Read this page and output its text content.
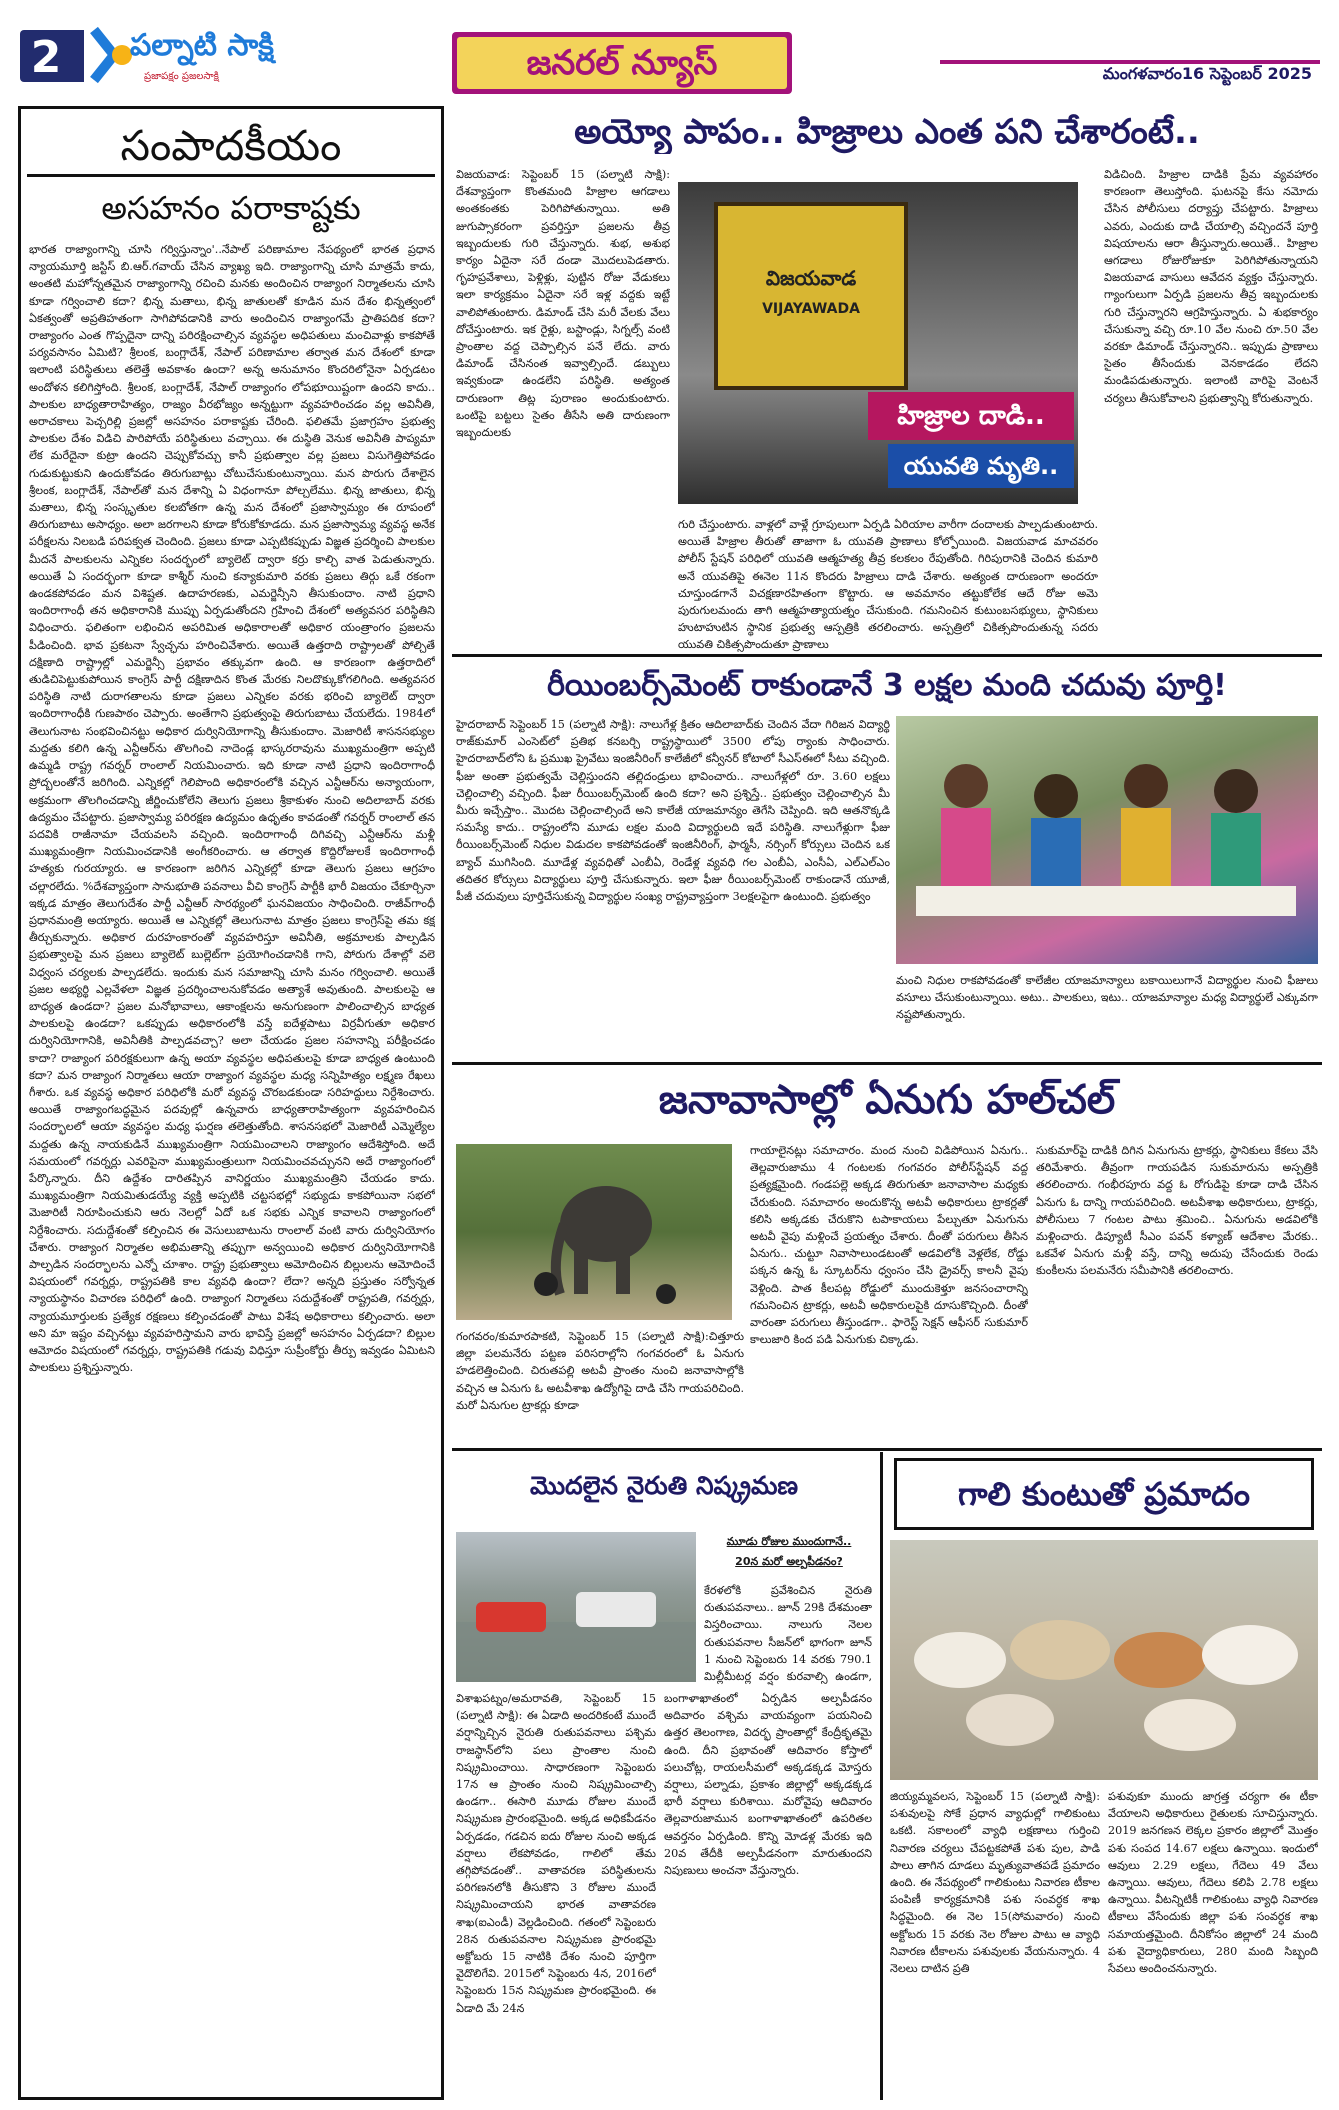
2	పల్నాటి సాక్షి
ప్రజాపక్షం ప్రజలసాక్షి	జనరల్ న్యూస్	మంగళవారం16 సెప్టెంబర్ 2025
సంపాదకీయం
అసహనం పరాకాష్టకు

భారత రాజ్యాంగాన్ని చూసి గర్విస్తున్నాం'..నేపాల్ పరిణామాల నేపథ్యంలో భారత ప్రధాన న్యాయమూర్తి జస్టిస్ బి.ఆర్.గవాయ్ చేసిన వ్యాఖ్య ఇది. రాజ్యాంగాన్ని చూసి మాత్రమే కాదు, అంతటి మహోన్నతమైన రాజ్యాంగాన్ని రచించి మనకు అందించిన రాజ్యాంగ నిర్మాతలను చూసి కూడా గర్వించాలి కదా? భిన్న మతాలు, భిన్న జాతులతో కూడిన మన దేశం భిన్నత్వంలో ఏకత్వంతో అప్రతిహతంగా సాగిపోవడానికి వారు అందించిన రాజ్యాంగమే ప్రాతిపదిక కదా? రాజ్యాంగం ఎంత గొప్పదైనా దాన్ని పరిరక్షించాల్సిన వ్యవస్థల అధిపతులు మంచివాళ్లు కాకపోతే పర్యవసానం ఏమిటి? శ్రీలంక, బంగ్లాదేశ్, నేపాల్ పరిణామాల తర్వాత మన దేశంలో కూడా ఇలాంటి పరిస్థితులు తలెత్తే అవకాశం ఉందా? అన్న అనుమానం కొందరిలోనైనా ఏర్పడటం అందోళన కలిగిస్తోంది. శ్రీలంక, బంగ్లాదేశ్, నేపాల్ రాజ్యాంగం లోపభూయిష్టంగా ఉందని కాదు.. పాలకుల బాధ్యతారాహిత్యం, రాజ్యం వీరభోజ్యం అన్నట్టుగా వ్యవహరించడం వల్ల అవినీతి, అరాచకాలు పెచ్చరిల్లి ప్రజల్లో అసహనం పరాకాష్టకు చేరింది. ఫలితమే ప్రజాగ్రహం ప్రభుత్వ పాలకుల దేశం విడిచి పారిపోయే పరిస్థితులు వచ్చాయి. ఈ దుస్థితి వెనుక అవినీతి పాప్యమా లేక మరేదైనా కుట్రా ఉందని చెప్పుకోవచ్చు కానీ ప్రభుత్వాల వల్ల ప్రజలు విసుగెత్తిపోవడం గుడుకుట్టుకుని ఉందుకోవడం తిరుగుబాట్లు చోటుచేసుకుంటున్నాయి. మన పొరుగు దేశాలైన శ్రీలంక, బంగ్లాదేశ్, నేపాల్‌తో మన దేశాన్ని ఏ విధంగానూ పోల్చలేము. భిన్న జాతులు, భిన్న మతాలు, భిన్న సంస్కృతుల కలబోతగా ఉన్న మన దేశంలో ప్రజాస్వామ్యం ఈ రూపంలో తిరుగుబాటు అసాధ్యం. అలా జరగాలని కూడా కోరుకోకూడదు. మన ప్రజాస్వామ్య వ్యవస్థ అనేక పరీక్షలను నిలబడి పరిపక్వత చెందింది. ప్రజలు కూడా ఎప్పటికప్పుడు విజ్ఞత ప్రదర్శించి పాలకుల మీదనే పాలకులను ఎన్నికల సందర్భంలో బ్యాలెట్ ద్వారా కర్రు కాల్చి వాత పెడుతున్నారు. అయితే ఏ సందర్భంగా కూడా కాశ్మీర్ నుంచి కన్యాకుమారి వరకు ప్రజలు తిర్గు ఒకే రకంగా ఉండకపోవడం మన విశిష్టత. ఉదాహరణకు, ఎమర్జెన్సీని తీసుకుందాం. నాటి ప్రధాని ఇందిరాగాంధీ తన అధికారానికి ముప్పు ఏర్పడుతోందని గ్రహించి దేశంలో అత్యవసర పరిస్థితిని విధించారు. ఫలితంగా లభించిన అపరిమిత అధికారాలతో అధికార యంత్రాంగం ప్రజలను పీడించింది. భావ ప్రకటనా స్వేచ్ఛను హరించివేశారు. అయితే ఉత్తరాది రాష్ట్రాలతో పోల్చితే దక్షిణాది రాష్ట్రాల్లో ఎమర్జెన్సీ ప్రభావం తక్కువగా ఉంది. ఆ కారణంగా ఉత్తరాదిలో తుడిచిపెట్టుకుపోయిన కాంగ్రెస్ పార్టీ దక్షిణాదిన కొంత మేరకు నిలదొక్కుకోగలిగింది. అత్యవసర పరిస్థితి నాటి దురాగతాలను కూడా ప్రజలు ఎన్నికల వరకు భరించి బ్యాలెట్ ద్వారా ఇందిరాగాంధీకి గుణపాఠం చెప్పారు. అంతేగాని ప్రభుత్వంపై తిరుగుబాటు చేయలేదు. 1984లో తెలుగునాట సంభవించినట్టు అధికార దుర్వినియోగాన్ని తీసుకుందాం. మెజారిటీ శాసనసభ్యుల మద్దతు కలిగి ఉన్న ఎన్టీఆర్‌ను తొలగించి నాదెండ్ల భాస్కరరావును ముఖ్యమంత్రిగా అప్పటి ఉమ్మడి రాష్ట్ర గవర్నర్ రాంలాల్ నియమించారు. ఇది కూడా నాటి ప్రధాని ఇందిరాగాంధీ ప్రోద్బలంతోనే జరిగింది. ఎన్నికల్లో గెలిపొంది అధికారంలోకి వచ్చిన ఎన్టీఆర్‌ను అన్యాయంగా, అక్రమంగా తొలగించడాన్ని జీర్ణించుకోలేని తెలుగు ప్రజలు శ్రీకాకుళం నుంచి అదిలాబాద్ వరకు ఉద్యమం చేపట్టారు. ప్రజాస్వామ్య పరిరక్షణ ఉద్యమం ఉధృతం కావడంతో గవర్నర్ రాంలాల్ తన పదవికి రాజీనామా చేయవలసి వచ్చింది. ఇందిరాగాంధీ దిగివచ్చి ఎన్టీఆర్‌ను మళ్లీ ముఖ్యమంత్రిగా నియమించడానికి అంగీకరించారు. ఆ తర్వాత కొద్దిరోజులకే ఇందిరాగాంధీ హత్యకు గురయ్యారు. ఆ కారణంగా జరిగిన ఎన్నికల్లో కూడా తెలుగు ప్రజలు ఆగ్రహం చల్లారలేదు. %దేశవ్యాప్తంగా సానుభూతి పవనాలు వీచి కాంగ్రెస్ పార్టీకి భారీ విజయం చేకూర్చినా ఇక్కడ మాత్రం తెలుగుదేశం పార్టీ ఎన్టీఆర్ సారథ్యంలో ఘనవిజయం సాధించింది. రాజీవ్‌గాంధీ ప్రధానమంత్రి అయ్యారు. అయితే ఆ ఎన్నికల్లో తెలుగునాట మాత్రం ప్రజలు కాంగ్రెస్‌పై తమ కక్ష తీర్చుకున్నారు. అధికార దురహంకారంతో వ్యవహరిస్తూ అవినీతి, అక్రమాలకు పాల్పడిన ప్రభుత్వాలపై మన ప్రజలు బ్యాలెట్ బుల్లెట్‌గా ప్రయోగించడానికి గాని, పోరుగు దేశాల్లో వలె విధ్వంస చర్యలకు పాల్పడలేదు. ఇందుకు మన సమాజాన్ని చూసి మనం గర్వించాలి. అయితే ప్రజల అభ్యర్థి ఎల్లవేళలా విజ్ఞత ప్రదర్శించాలనుకోవడం అత్యాశే అవుతుంది. పాలకులపై ఆ బాధ్యత ఉండదా? ప్రజల మనోభావాలు, ఆకాంక్షలను అనుగుణంగా పాలించాల్సిన బాధ్యత పాలకులపై ఉండదా? ఒకప్పుడు అధికారంలోకి వస్తే ఐదేళ్లపాటు విర్రవీగుతూ అధికార దుర్వినియోగానికి, అవినీతికి పాల్పడవచ్చా? అలా చేయడం ప్రజల సహనాన్ని పరీక్షించడం కాదా? రాజ్యాంగ పరిరక్షకులుగా ఉన్న అయా వ్యవస్థల అధిపతులపై కూడా బాధ్యత ఉంటుంది కదా? మన రాజ్యాంగ నిర్మాతలు ఆయా రాజ్యాంగ వ్యవస్థల మధ్య సన్నిహిత్యం లక్ష్మణ రేఖలు గీశారు. ఒక వ్యవస్థ అధికార పరిధిలోకి మరో వ్యవస్థ చొరబడకుండా సరిహద్దులు నిర్దేశించారు. అయితే రాజ్యాంగబద్ధమైన పదవుల్లో ఉన్నవారు బాధ్యతారాహిత్యంగా వ్యవహరించిన సందర్భాలలో ఆయా వ్యవస్థల మధ్య ఘర్షణ తలెత్తుతోంది. శాసనసభలో మెజారిటీ ఎమ్మెల్యేల మద్దతు ఉన్న నాయకుడినే ముఖ్యమంత్రిగా నియమించాలని రాజ్యాంగం ఆదేశిస్తోంది. అదే సమయంలో గవర్నర్లు ఎవరిపైనా ముఖ్యమంత్రులుగా నియమించవచ్చునని అదే రాజ్యాంగంలో పేర్కొన్నారు. దీని ఉద్దేశం దారితప్పిన వానిర్ణయం ముఖ్యమంత్రిని చేయడం కాదు. ముఖ్యమంత్రిగా నియమితుడయ్యే వ్యక్తి అప్పటికి చట్టసభల్లో సభ్యుడు కాకపోయినా సభలో మెజారిటీ నిరూపించుకుని ఆరు నెలల్లో ఏదో ఒక సభకు ఎన్నిక కావాలని రాజ్యాంగంలో నిర్దేశించారు. సదుద్దేశంతో కల్పించిన ఈ వెసులుబాటును రాంలాల్ వంటి వారు దుర్వినియోగం చేశారు. రాజ్యాంగ నిర్మాతల అభిమతాన్ని తప్పుగా అన్వయించి అధికార దుర్వినియోగానికి పాల్పడిన సందర్భాలను ఎన్నో చూశాం. రాష్ట్ర ప్రభుత్వాలు అమోదించిన బిల్లులను ఆమోదించే విషయంలో గవర్నర్లు, రాష్ట్రపతికి కాల వ్యవధి ఉందా? లేదా? అన్నది ప్రస్తుతం సర్వోన్నత న్యాయస్థానం విచారణ పరిధిలో ఉంది. రాజ్యాంగ నిర్మాతలు సదుద్దేశంతో రాష్ట్రపతి, గవర్నర్లు, న్యాయమూర్తులకు ప్రత్యేక రక్షణలు కల్పించడంతో పాటు విశేష అధికారాలు కల్పించారు. అలా అని మా ఇష్టం వచ్చినట్టు వ్యవహరిస్తామని వారు భావిస్తే ప్రజల్లో అసహనం ఏర్పడదా? బిల్లుల ఆమోదం విషయంలో గవర్నర్లు, రాష్ట్రపతికి గడువు విధిస్తూ సుప్రీంకోర్టు తీర్పు ఇవ్వడం ఏమిటని పాలకులు ప్రశ్నిస్తున్నారు.

అయ్యో పాపం.. హిజ్రాలు ఎంత పని చేశారంటే..

విజయవాడ: సెప్టెంబర్ 15 (పల్నాటి సాక్షి): దేశవ్యాప్తంగా కొంతమంది హిజ్రాల ఆగడాలు అంతకంతకు పెరిగిపోతున్నాయి. అతి జుగుప్సాకరంగా ప్రవర్తిస్తూ ప్రజలను తీవ్ర ఇబ్బందులకు గురి చేస్తున్నారు. శుభ, అశుభ కార్యం ఏదైనా సరే దండా మొదలుపెడతారు. గృహప్రవేశాలు, పెళ్లిళ్లు, పుట్టిన రోజు వేడుకలు ఇలా కార్యక్రమం ఏదైనా సరే ఇళ్ల వద్దకు ఇట్టే వాలిపోతుంటారు. డిమాండ్ చేసి మరీ వేలకు వేలు దోచేస్తుంటారు. ఇక రైళ్లు, బస్టాండ్లు, సిగ్నల్స్ వంటి ప్రాంతాల వద్ద చెప్పాల్సిన పనే లేదు. వారు డిమాండ్ చేసినంత ఇవ్వాల్సిందే. డబ్బులు ఇవ్వకుండా ఉండలేని పరిస్థితి. అత్యంత దారుణంగా తిట్ల పురాణం అందుకుంటారు. ఒంటిపై బట్టలు సైతం తీసేసి అతి దారుణంగా ఇబ్బందులకు

విజయవాడ
VIJAYAWADA
హిజ్రాల దాడి..
యువతి మృతి..

విడిచింది. హిజ్రాల దాడికి ప్రేమ వ్యవహారం కారణంగా తెలుస్తోంది. ఘటనపై కేసు నమోదు చేసిన పోలీసులు దర్యాప్తు చేపట్టారు. హిజ్రాలు ఎవరు, ఎందుకు దాడి చేయాల్సి వచ్చిందనే పూర్తి విషయాలను ఆరా తీస్తున్నారు.అయితే.. హిజ్రాల ఆగడాలు రోజురోజుకూ పెరిగిపోతున్నాయని విజయవాడ వాసులు ఆవేదన వ్యక్తం చేస్తున్నారు. గ్యాంగులుగా ఏర్పడి ప్రజలను తీవ్ర ఇబ్బందులకు గురి చేస్తున్నారని ఆగ్రహిస్తున్నారు. ఏ శుభకార్యం చేసుకున్నా వచ్చి రూ.10 వేల నుంచి రూ.50 వేల వరకూ డిమాండ్ చేస్తున్నారని.. ఇప్పుడు ప్రాణాలు సైతం తీసేందుకు వెనకాడడం లేదని మండిపడుతున్నారు. ఇలాంటి వారిపై వెంటనే చర్యలు తీసుకోవాలని ప్రభుత్వాన్ని కోరుతున్నారు.

గురి చేస్తుంటారు. వాళ్లలో వాళ్లే గ్రూపులుగా ఏర్పడి ఏరియాల వారీగా దందాలకు పాల్పడుతుంటారు. అయితే హిజ్రాల తీరుతో తాజాగా ఓ యువతి ప్రాణాలు కోల్పోయింది. విజయవాడ మాచవరం పోలీస్ స్టేషన్ పరిధిలో యువతి ఆత్మహత్య తీవ్ర కలకలం రేపుతోంది. గిరిపురానికి చెందిన కుమారి అనే యువతిపై ఈనెల 11న కొందరు హిజ్రాలు దాడి చేశారు. అత్యంత దారుణంగా అందరూ చూస్తుండగానే విచక్షణారహితంగా కొట్టారు. ఆ అవమానం తట్టుకోలేక ఆదే రోజు అమె పురుగులమందు తాగి ఆత్మహత్యాయత్నం చేసుకుంది. గమనించిన కుటుంబసభ్యులు, స్థానికులు హుటాహుటిన స్థానిక ప్రభుత్వ ఆస్పత్రికి తరలించారు. అస్పత్రిలో చికిత్సపొందుతున్న సదరు యువతి చికిత్సపొందుతూ ప్రాణాలు

రీయింబర్స్‌మెంట్ రాకుండానే 3 లక్షల మంది చదువు పూర్తి!

హైదరాబాద్ సెప్టెంబర్ 15 (పల్నాటి సాక్షి): నాలుగేళ్ల క్రితం ఆదిలాబాద్‌కు చెందిన వేదా గిరిజన విద్యార్థి రాజ్‌కుమార్ ఎంసెట్‌లో ప్రతిభ కనబర్చి రాష్ట్రస్థాయిలో 3500 లోపు ర్యాంకు సాధించారు. హైదరాబాద్‌లోని ఓ ప్రముఖ ప్రైవేటు ఇంజినీరింగ్ కాలేజీలో కన్వీనర్ కోటాలో సీఎస్‌ఈలో సీటు వచ్చింది. ఫీజు అంతా ప్రభుత్వమే చెల్లిస్తుందని తల్లిదండ్రులు భావించారు.. నాలుగేళ్లలో రూ. 3.60 లక్షలు చెల్లించాల్సి వచ్చింది. ఫీజు రీయింబర్స్‌మెంట్ ఉంది కదా? అని ప్రశ్నిస్తే.. ప్రభుత్వం చెల్లించాల్సిన మీ మీరు ఇచ్చేస్తాం.. మొదట చెల్లించాల్సిందే అని కాలేజీ యాజమాన్యం తెగేసి చెప్పింది. ఇది ఆతనొక్కడి సమస్యే కాదు.. రాష్ట్రంలోని మూడు లక్షల మంది విద్యార్థులది ఇదే పరిస్థితి. నాలుగేళ్లుగా ఫీజు రీయింబర్స్‌మెంట్ నిధుల విడుదల కాకపోవడంతో ఇంజినీరింగ్, ఫార్మసీ, నర్సింగ్ కోర్సులు చెందిన ఒక బ్యాచ్ ముగిసింది. మూడేళ్ల వ్యవధితో ఎంబీఏ, రెండేళ్ల వ్యవధి గల ఎంబీఏ, ఎంసీఏ, ఎల్‌ఎల్‌ఎం తదితర కోర్సులు విద్యార్థులు పూర్తి చేసుకున్నారు. ఇలా ఫీజు రీయింబర్స్‌మెంట్ రాకుండానే యూజీ, పీజీ చదువులు పూర్తిచేసుకున్న విద్యార్థుల సంఖ్య రాష్ట్రవ్యాప్తంగా 3లక్షలపైగా ఉంటుంది. ప్రభుత్వం

మంచి నిధుల రాకపోవడంతో కాలేజీల యాజమాన్యాలు బకాయిలుగానే విద్యార్థుల నుంచి ఫీజులు వసూలు చేసుకుంటున్నాయి. అటు.. పాలకులు, ఇటు.. యాజమాన్యాల మధ్య విద్యార్థులే ఎక్కువగా నష్టపోతున్నారు.

జనావాసాల్లో ఏనుగు హల్‌చల్

గంగవరం/కుమారపాకటి, సెప్టెంబర్ 15 (పల్నాటి సాక్షి):చిత్తూరు జిల్లా పలమనేరు పట్టణ పరిసరాల్లోని గంగవరంలో ఓ ఏనుగు హడలెత్తించింది. చిరుతపల్లి అటవీ ప్రాంతం నుంచి జనావాసాల్లోకి వచ్చిన ఆ ఏనుగు ఓ అటవీశాఖ ఉద్యోగిపై దాడి చేసి గాయపరిచింది. మరో ఏనుగుల ట్రాకర్లు కూడా

గాయాలైనట్లు సమాచారం. మంద నుంచి విడిపోయిన ఏనుగు.. తెల్లవారుజాము 4 గంటలకు గంగవరం పోలీస్‌స్టేషన్ వద్ద ప్రత్యక్షమైంది. గండపల్లె అక్కడ తిరుగుతూ జనావాసాల మధ్యకు చేరుకుంది. సమాచారం అందుకొన్న అటవీ అధికారులు ట్రాకర్లతో కలిసి అక్కడకు చేరుకొని టపాకాయలు పేల్చుతూ ఏనుగును అటవీ వైపు మళ్లించే ప్రయత్నం చేశారు. దీంతో పరుగులు తీసిన ఏనుగు.. చుట్టూ నివాసాలుండటంతో అడవిలోకి వెళ్లలేక, రోడ్డు పక్కన ఉన్న ఓ స్కూటర్‌ను ధ్వంసం చేసి డ్రైవర్స్ కాలనీ వైపు వెళ్లింది. పాత కీలపట్ల రోడ్డులో ముందుకెళ్తూ జనసంచారాన్ని గమనించిన ట్రాకర్లు, అటవీ అధికారులపైకి దూసుకొచ్చింది. దీంతో వారంతా పరుగులు తీస్తుండగా.. ఫారెస్ట్ సెక్షన్ ఆఫీసర్ సుకుమార్ కాలుజారి కింద పడి ఏనుగుకు చిక్కాడు.

సుకుమార్‌పై దాడికి దిగిన ఏనుగును ట్రాకర్లు, స్థానికులు కేకలు వేసి తరిమేశారు. తీవ్రంగా గాయపడిన సుకుమారును అస్పత్రికి తరలించారు. గంభీరపూరు వద్ద ఓ రోగుడిపై కూడా దాడి చేసిన ఏనుగు ఓ దాన్ని గాయపరిచింది. అటవీశాఖ అధికారులు, ట్రాకర్లు, పోలీసులు 7 గంటల పాటు శ్రమించి.. ఏనుగును అడవిలోకి మళ్లించారు. డిప్యూటీ సీఎం పవన్ కళ్యాణ్ ఆదేశాల మేరకు.. ఒకవేళ ఏనుగు మళ్లీ వస్తే, దాన్ని అదుపు చేసేందుకు రెండు కుంకీలను పలమనేరు సమీపానికి తరలించారు.

మొదలైన నైరుతి నిష్క్రమణ
మూడు రోజుల ముందుగానే..
20న మరో అల్పపీడనం?

కేరళలోకి ప్రవేశించిన నైరుతి రుతుపవనాలు.. జూన్ 29కి దేశమంతా విస్తరించాయి. నాలుగు నెలల రుతుపవనాల సీజన్‌లో భాగంగా జూన్ 1 నుంచి సెప్టెంబరు 14 వరకు 790.1 మిల్లీమీటర్ల వర్షం కురవాల్సి ఉండగా,

విశాఖపట్నం/అమరావతి, సెప్టెంబర్ 15 (పల్నాటి సాక్షి): ఈ ఏడాది అందరికంటే ముందే వర్షాన్నిచ్చిన నైరుతి రుతుపవనాలు పశ్చిమ రాజస్థాన్‌లోని పలు ప్రాంతాల నుంచి నిష్క్రమించాయి. సాధారణంగా సెప్టెంబరు 17న ఆ ప్రాంతం నుంచి నిష్క్రమించాల్సి ఉండగా.. ఈసారి మూడు రోజుల ముందే నిష్క్రమణ ప్రారంభమైంది. అక్కడ అధికపీడనం ఏర్పడడం, గడచిన ఐదు రోజుల నుంచి అక్కడ వర్షాలు లేకపోవడం, గాలిలో తేమ తగ్గిపోవడంతో.. వాతావరణ పరిస్థితులను పరిగణనలోకి తీసుకొని 3 రోజుల ముందే నిష్క్రమించాయని భారత వాతావరణ శాఖ(ఐఎండీ) వెల్లడించింది. గతంలో సెప్టెంబరు 28న రుతుపవనాల నిష్క్రమణ ప్రారంభమై అక్టోబరు 15 నాటికి దేశం నుంచి పూర్తిగా వైదొలిగేవి. 2015లో సెప్టెంబరు 4న, 2016లో సెప్టెంబరు 15న నిష్క్రమణ ప్రారంభమైంది. ఈ ఏడాది మే 24న

బంగాళాఖాతంలో ఏర్పడిన అల్పపీడనం అదివారం వశ్చిమ వాయవ్యంగా పయనించి ఉత్తర తెలంగాణ, విదర్భ ప్రాంతాల్లో కేంద్రీకృతమై ఉంది. దీని ప్రభావంతో ఆదివారం కోస్తాలో పలుచోట్ల, రాయలసీమలో అక్కడక్కడ మోస్తరు వర్షాలు, పల్నాడు, ప్రకాశం జిల్లాల్లో అక్కడక్కడ భారీ వర్షాలు కురిశాయి. మరోవైపు ఆదివారం తెల్లవారుజామున బంగాళాఖాతంలో ఉపరితల ఆవర్తనం ఏర్పడింది. కొన్ని మోడళ్ల మేరకు ఇది 20వ తేదీకి అల్పపీడనంగా మారుతుందని నిపుణులు అంచనా వేస్తున్నారు.

గాలి కుంటుతో ప్రమాదం

జియ్యమ్మవలస, సెప్టెంబర్ 15 (పల్నాటి సాక్షి): పశువులపై సోకే ప్రధాన వ్యాధుల్లో గాలికుంటు ఒకటి. సకాలంలో వ్యాధి లక్షణాలు గుర్తించి నివారణ చర్యలు చేపట్టకపోతే పశు పుల, పాడి పాలు తాగిన దూడలు మృత్యువాతపడే ప్రమాదం ఉంది. ఈ నేపథ్యంలో గాలికుంటు నివారణ టీకాల పంపిణీ కార్యక్రమానికి పశు సంవర్ధక శాఖ సిద్ధమైంది. ఈ నెల 15(సోమవారం) నుంచి అక్టోబరు 15 వరకు నెల రోజుల పాటు ఆ వ్యాధి నివారణ టీకాలను పశువులకు వేయనున్నారు. 4 నెలలు దాటిన ప్రతి

పశువుకూ ముందు జాగ్రత్త చర్యగా ఈ టీకా వేయాలని అధికారులు రైతులకు సూచిస్తున్నారు. 2019 జనగణన లెక్కల ప్రకారం జిల్లాలో మొత్తం పశు సంపద 14.67 లక్షలు ఉన్నాయి. ఇందులో ఆవులు 2.29 లక్షలు, గేదెలు 49 వేలు ఉన్నాయి. ఆవులు, గేదెలు కలిపి 2.78 లక్షలు ఉన్నాయి. వీటన్నిటికీ గాలికుంటు వ్యాధి నివారణ టీకాలు వేసేందుకు జిల్లా పశు సంవర్ధక శాఖ సమాయత్తమైంది. దీనికోసం జిల్లాలో 24 మంది పశు వైద్యాధికారులు, 280 మంది సిబ్బంది సేవలు అందించనున్నారు.
